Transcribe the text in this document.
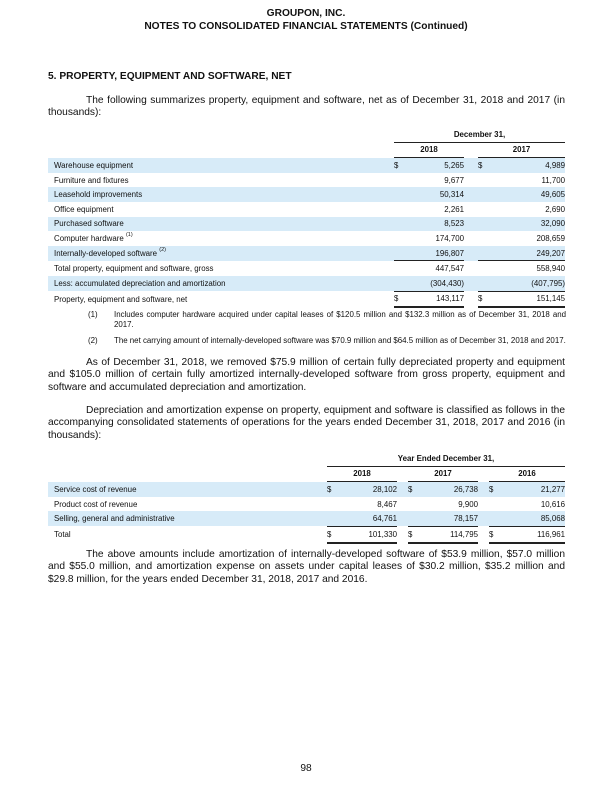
GROUPON, INC.
NOTES TO CONSOLIDATED FINANCIAL STATEMENTS (Continued)
5. PROPERTY, EQUIPMENT AND SOFTWARE, NET
The following summarizes property, equipment and software, net as of December 31, 2018 and 2017 (in thousands):
	December 31,				
	2018			2017	
Warehouse equipment	$	5,265		$	4,989
Furniture and fixtures		9,677			11,700
Leasehold improvements		50,314			49,605
Office equipment		2,261			2,690
Purchased software		8,523			32,090
Computer hardware $^{(1)}$		174,700			208,659
Internally-developed software $^{(2)}$		196,807			249,207
Total property, equipment and software, gross		447,547			558,940
Less: accumulated depreciation and amortization		(304,430)			(407,795)
Property, equipment and software, net	$	143,117		$	151,145
(1) Includes computer hardware acquired under capital leases of $120.5 million and $132.3 million as of December 31, 2018 and 2017.
(2) The net carrying amount of internally-developed software was $70.9 million and $64.5 million as of December 31, 2018 and 2017.
As of December 31, 2018, we removed $75.9 million of certain fully depreciated property and equipment and $105.0 million of certain fully amortized internally-developed software from gross property, equipment and software and accumulated depreciation and amortization.
Depreciation and amortization expense on property, equipment and software is classified as follows in the accompanying consolidated statements of operations for the years ended December 31, 2018, 2017 and 2016 (in thousands):
	Year Ended December 31,							
	2018			2017			2016	
Service cost of revenue	$	28,102		$	26,738		$	21,277
Product cost of revenue		8,467			9,900			10,616
Selling, general and administrative		64,761			78,157			85,068
Total	$	101,330		$	114,795		$	116,961
The above amounts include amortization of internally-developed software of $53.9 million, $57.0 million and $55.0 million, and amortization expense on assets under capital leases of $30.2 million, $35.2 million and $29.8 million, for the years ended December 31, 2018, 2017 and 2016.
98
